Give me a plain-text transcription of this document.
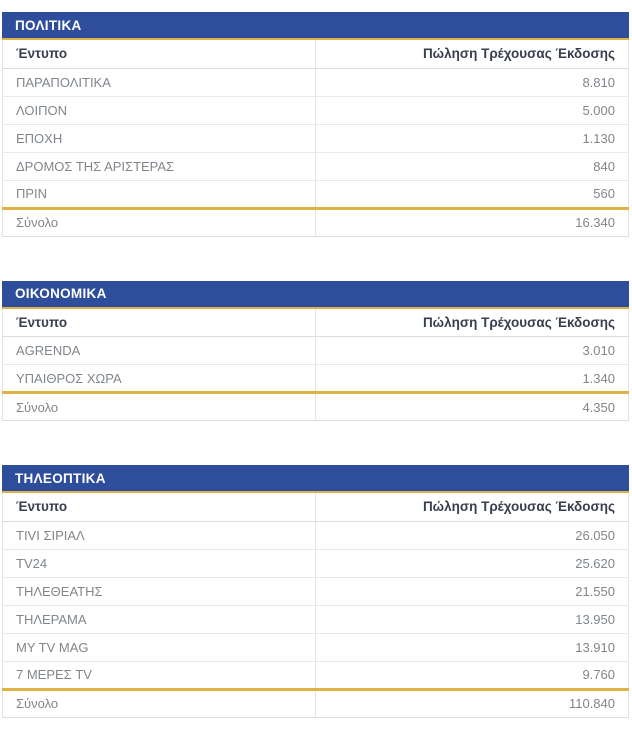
ΠΟΛΙΤΙΚΑ
Έντυπο	Πώληση Τρέχουσας Έκδοσης
ΠΑΡΑΠΟΛΙΤΙΚΑ	8.810
ΛΟΙΠΟΝ	5.000
ΕΠΟΧΗ	1.130
ΔΡΟΜΟΣ ΤΗΣ ΑΡΙΣΤΕΡΑΣ	840
ΠΡΙΝ	560
Σύνολο	16.340
ΟΙΚΟΝΟΜΙΚΑ
Έντυπο	Πώληση Τρέχουσας Έκδοσης
AGRENDA	3.010
ΥΠΑΙΘΡΟΣ ΧΩΡΑ	1.340
Σύνολο	4.350
ΤΗΛΕΟΠΤΙΚΑ
Έντυπο	Πώληση Τρέχουσας Έκδοσης
TIVI ΣΙΡΙΑΛ	26.050
TV24	25.620
ΤΗΛΕΘΕΑΤΗΣ	21.550
ΤΗΛΕΡΑΜΑ	13.950
MY TV MAG	13.910
7 ΜΕΡΕΣ TV	9.760
Σύνολο	110.840
